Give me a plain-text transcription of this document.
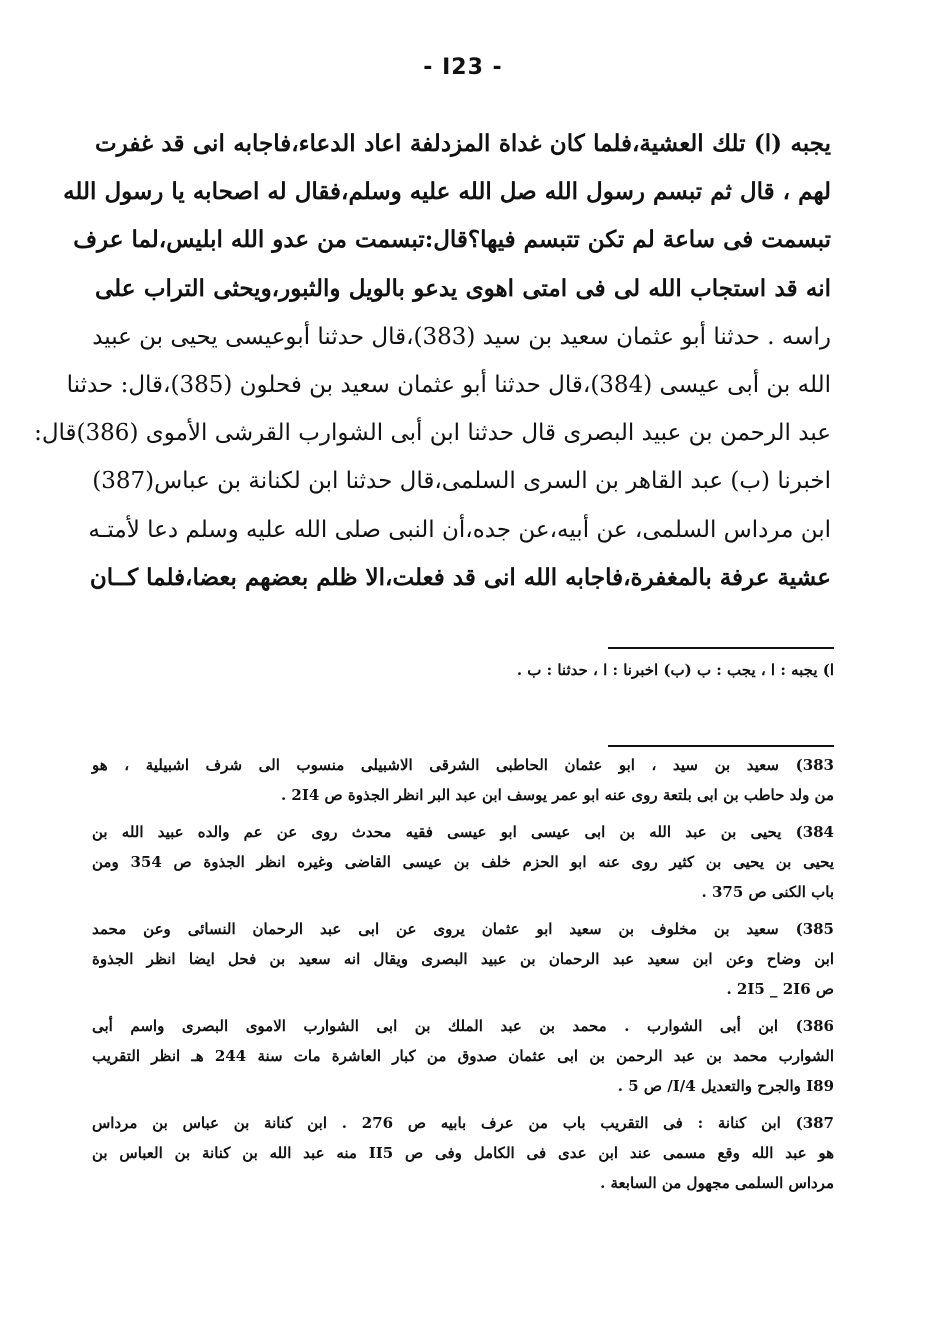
- I23 -
يجبه (ا) تلك العشية،فلما كان غداة المزدلفة اعاد الدعاء،فاجابه انى قد غفرت
لهم ، قال ثم تبسم رسول الله صل الله عليه وسلم،فقال له اصحابه يا رسول الله
تبسمت فى ساعة لم تكن تتبسم فيها؟قال:تبسمت من عدو الله ابليس،لما عرف
انه قد استجاب الله لى فى امتى اهوى يدعو بالويل والثبور،ويحثى التراب على
راسه . حدثنا أبو عثمان سعيد بن سيد (383)،قال حدثنا أبوعيسى يحيى بن عبيد
الله بن أبى عيسى (384)،قال حدثنا أبو عثمان سعيد بن فحلون (385)،قال: حدثنا
عبد الرحمن بن عبيد البصرى قال حدثنا ابن أبى الشوارب القرشى الأموى (386)قال:
اخبرنا (ب) عبد القاهر بن السرى السلمى،قال حدثنا ابن لكنانة بن عباس(387)
ابن مرداس السلمى، عن أبيه،عن جده،أن النبى صلى الله عليه وسلم دعا لأمتـه
عشية عرفة بالمغفرة،فاجابه الله انى قد فعلت،الا ظلم بعضهم بعضا،فلما كــان
ا) يجبه : ا ، يجب : ب (ب) اخبرنا : ا ، حدثنا : ب .
383) سعيد بن سيد ، ابو عثمان الحاطبى الشرقى الاشبيلى منسوب الى شرف اشبيلية ، هو
من ولد حاطب بن ابى بلتعة روى عنه ابو عمر يوسف ابن عبد البر انظر الجذوة ص 2I4 .
384) يحيى بن عبد الله بن ابى عيسى ابو عيسى فقيه محدث روى عن عم والده عبيد الله بن
يحيى بن يحيى بن كثير روى عنه ابو الحزم خلف بن عيسى القاضى وغيره انظر الجذوة ص 354 ومن
باب الكنى ص 375 .
385) سعيد بن مخلوف بن سعيد ابو عثمان يروى عن ابى عبد الرحمان النسائى وعن محمد
ابن وضاح وعن ابن سعيد عبد الرحمان بن عبيد البصرى ويقال انه سعيد بن فحل ايضا انظر الجذوة
ص 2I5 _ 2I6 .
386) ابن أبى الشوارب . محمد بن عبد الملك بن ابى الشوارب الاموى البصرى واسم أبى
الشوارب محمد بن عبد الرحمن بن ابى عثمان صدوق من كبار العاشرة مات سنة 244 هـ انظر التقريب
I89 والجرح والتعديل I/4/ ص 5 .
387) ابن كنانة : فى التقريب باب من عرف بابيه ص 276 . ابن كنانة بن عباس بن مرداس
هو عبد الله وقع مسمى عند ابن عدى فى الكامل وفى ص II5 منه عبد الله بن كنانة بن العباس بن
مرداس السلمى مجهول من السابعة .
